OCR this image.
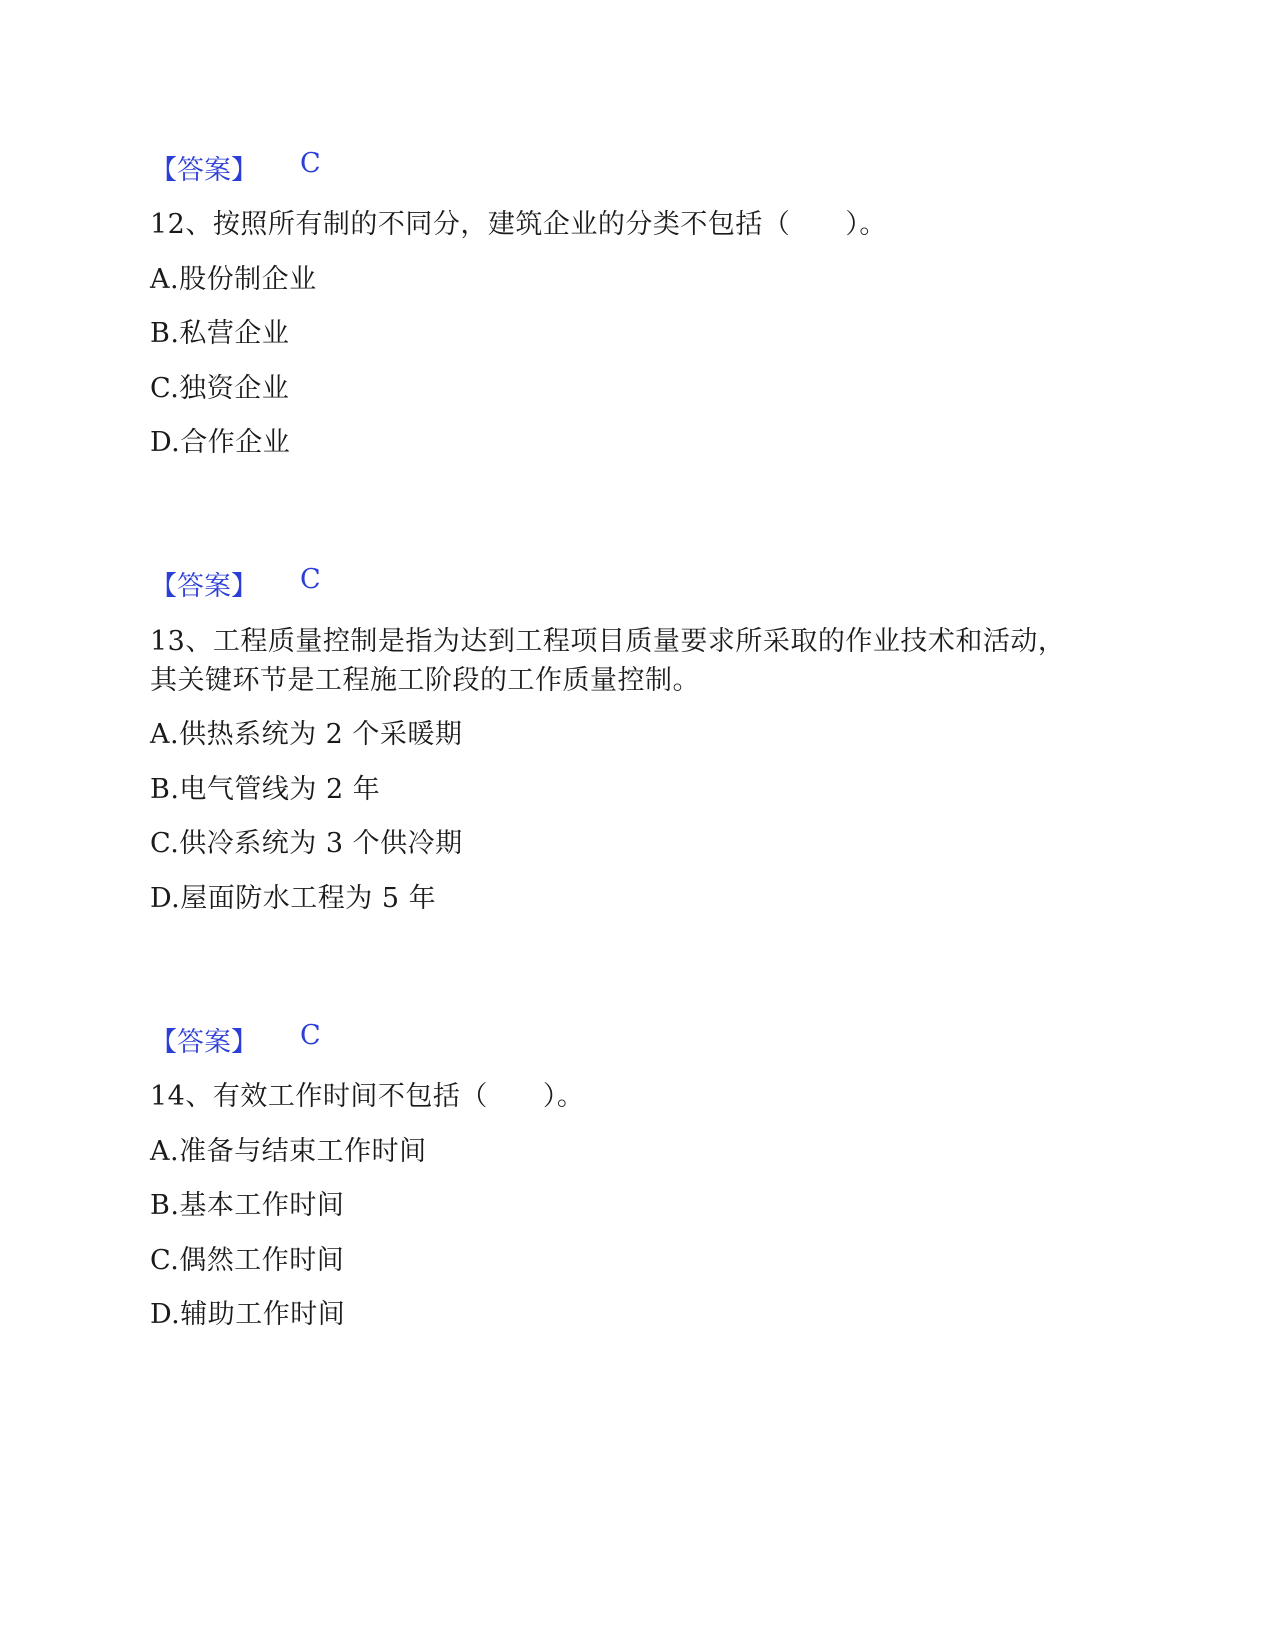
【答案】 C
12、按照所有制的不同分，建筑企业的分类不包括（　　）。
A.股份制企业
B.私营企业
C.独资企业
D.合作企业
【答案】 C
13、工程质量控制是指为达到工程项目质量要求所采取的作业技术和活动，
其关键环节是工程施工阶段的工作质量控制。
A.供热系统为 2 个采暖期
B.电气管线为 2 年
C.供冷系统为 3 个供冷期
D.屋面防水工程为 5 年
【答案】 C
14、有效工作时间不包括（　　）。
A.准备与结束工作时间
B.基本工作时间
C.偶然工作时间
D.辅助工作时间
